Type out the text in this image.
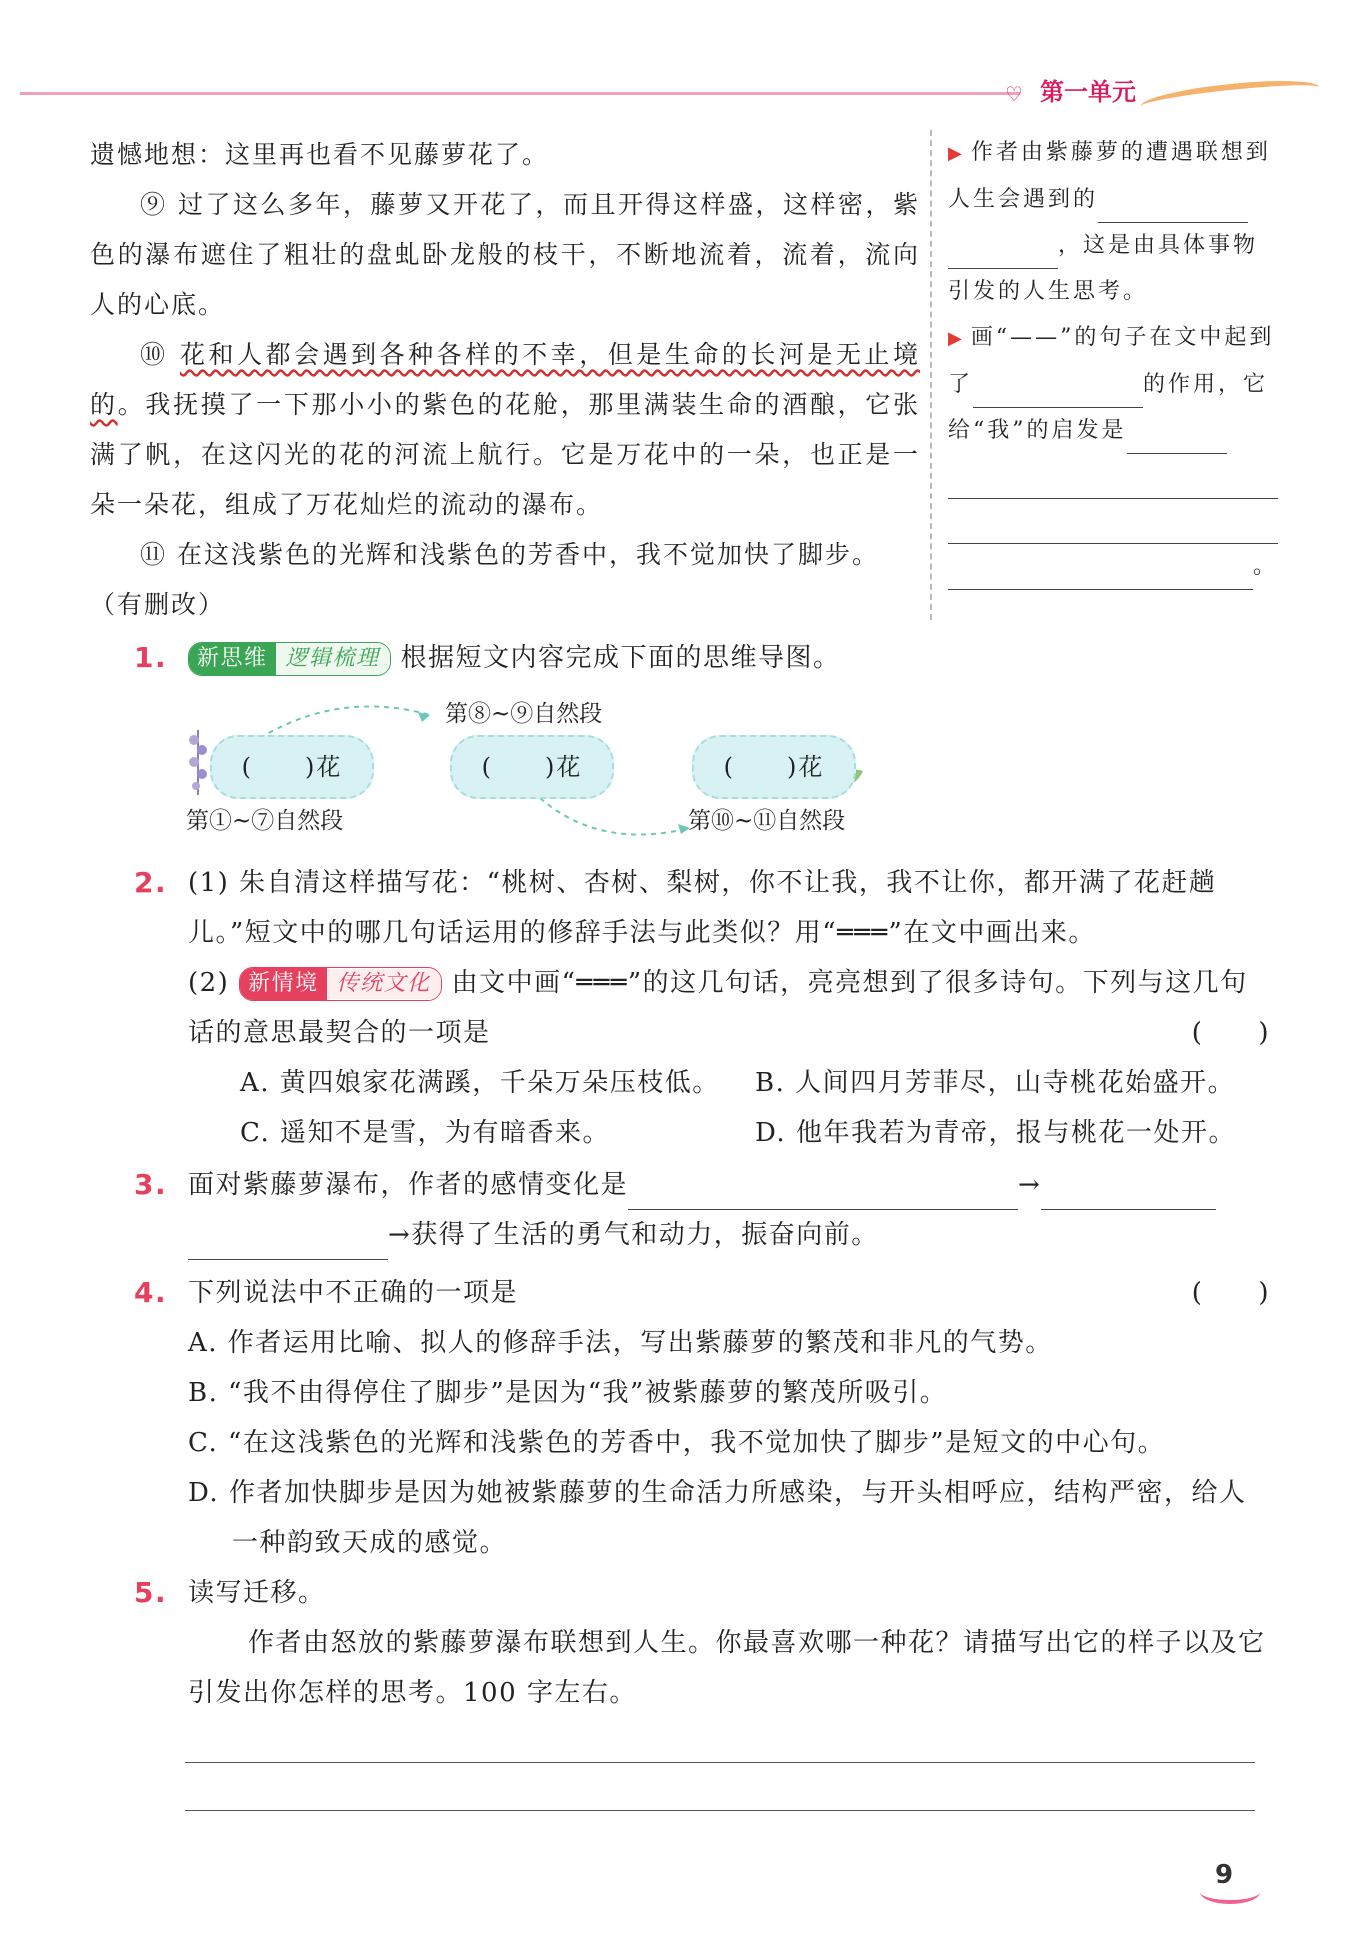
♡ 第一单元

遗憾地想：这里再也看不见藤萝花了。

⑨ 过了这么多年，藤萝又开花了，而且开得这样盛，这样密，紫色的瀑布遮住了粗壮的盘虬卧龙般的枝干，不断地流着，流着，流向人的心底。

⑩ 花和人都会遇到各种各样的不幸，但是生命的长河是无止境的。我抚摸了一下那小小的紫色的花舱，那里满装生命的酒酿，它张满了帆，在这闪光的花的河流上航行。它是万花中的一朵，也正是一朵一朵花，组成了万花灿烂的流动的瀑布。

⑪ 在这浅紫色的光辉和浅紫色的芳香中，我不觉加快了脚步。

（有删改）

▶ 作者由紫藤萝的遭遇联想到人生会遇到的，这是由具体事物引发的人生思考。
▶ 画“——”的句子在文中起到了	的作用，它给“我”的启发是
。
1.	新思维 逻辑梳理 根据短文内容完成下面的思维导图。
(　　)花	(　　)花	(　　)花
第①~⑦自然段
第⑧~⑨自然段
第⑩~⑪自然段
2. (1) 朱自清这样描写花：“桃树、杏树、梨树，你不让我，我不让你，都开满了花赶趟儿。”短文中的哪几句话运用的修辞手法与此类似？用“═══”在文中画出来。
(2) 新情境 传统文化 由文中画“═══”的这几句话，亮亮想到了很多诗句。下列与这几句话的意思最契合的一项是	(　　)
A. 黄四娘家花满蹊，千朵万朵压枝低。	B. 人间四月芳菲尽，山寺桃花始盛开。
C. 遥知不是雪，为有暗香来。	D. 他年我若为青帝，报与桃花一处开。
3. 面对紫藤萝瀑布，作者的感情变化是	→
→获得了生活的勇气和动力，振奋向前。
4. 下列说法中不正确的一项是	(　　)
A. 作者运用比喻、拟人的修辞手法，写出紫藤萝的繁茂和非凡的气势。
B. “我不由得停住了脚步”是因为“我”被紫藤萝的繁茂所吸引。
C. “在这浅紫色的光辉和浅紫色的芳香中，我不觉加快了脚步”是短文的中心句。
D. 作者加快脚步是因为她被紫藤萝的生命活力所感染，与开头相呼应，结构严密，给人一种韵致天成的感觉。
5. 读写迁移。
作者由怒放的紫藤萝瀑布联想到人生。你最喜欢哪一种花？请描写出它的样子以及它引发出你怎样的思考。100 字左右。
9
